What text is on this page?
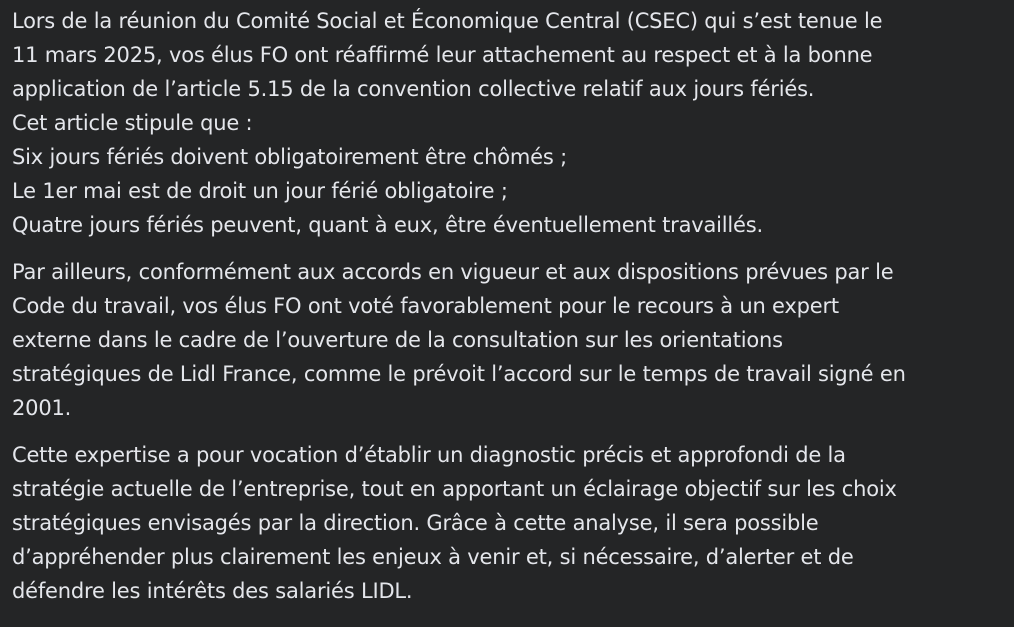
Lors de la réunion du Comité Social et Économique Central (CSEC) qui s’est tenue le
11 mars 2025, vos élus FO ont réaffirmé leur attachement au respect et à la bonne
application de l’article 5.15 de la convention collective relatif aux jours fériés.
Cet article stipule que :
Six jours fériés doivent obligatoirement être chômés ;
Le 1er mai est de droit un jour férié obligatoire ;
Quatre jours fériés peuvent, quant à eux, être éventuellement travaillés.
Par ailleurs, conformément aux accords en vigueur et aux dispositions prévues par le
Code du travail, vos élus FO ont voté favorablement pour le recours à un expert
externe dans le cadre de l’ouverture de la consultation sur les orientations
stratégiques de Lidl France, comme le prévoit l’accord sur le temps de travail signé en
2001.
Cette expertise a pour vocation d’établir un diagnostic précis et approfondi de la
stratégie actuelle de l’entreprise, tout en apportant un éclairage objectif sur les choix
stratégiques envisagés par la direction. Grâce à cette analyse, il sera possible
d’appréhender plus clairement les enjeux à venir et, si nécessaire, d’alerter et de
défendre les intérêts des salariés LIDL.
